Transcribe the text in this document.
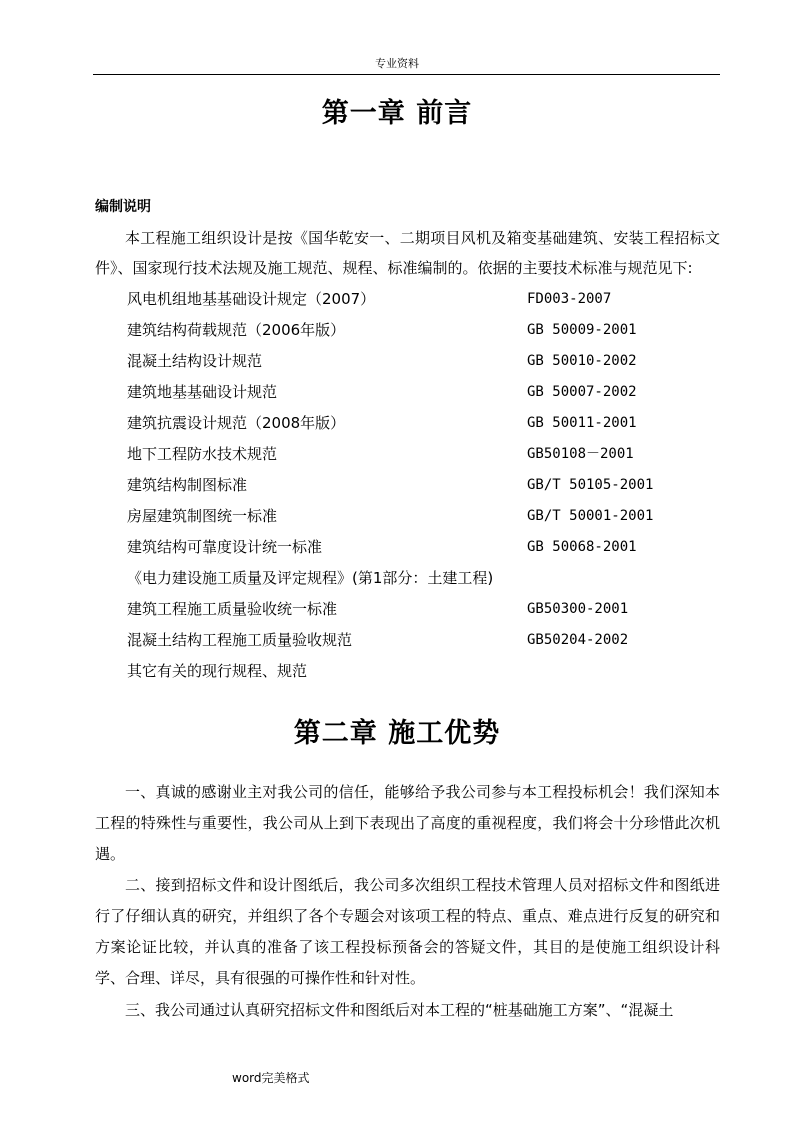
专业资料
第一章 前言
编制说明
本工程施工组织设计是按《国华乾安一、二期项目风机及箱变基础建筑、安装工程招标文件》、国家现行技术法规及施工规范、规程、标准编制的。依据的主要技术标准与规范见下:
风电机组地基基础设计规定（2007）	FD003-2007
建筑结构荷载规范（2006年版）	GB 50009-2001
混凝土结构设计规范	GB 50010-2002
建筑地基基础设计规范	GB 50007-2002
建筑抗震设计规范（2008年版）	GB 50011-2001
地下工程防水技术规范	GB50108－2001
建筑结构制图标准	GB/T 50105-2001
房屋建筑制图统一标准	GB/T 50001-2001
建筑结构可靠度设计统一标准	GB 50068-2001
《电力建设施工质量及评定规程》(第1部分：土建工程)
建筑工程施工质量验收统一标准	GB50300-2001
混凝土结构工程施工质量验收规范	GB50204-2002
其它有关的现行规程、规范
第二章 施工优势
一、真诚的感谢业主对我公司的信任，能够给予我公司参与本工程投标机会！我们深知本工程的特殊性与重要性，我公司从上到下表现出了高度的重视程度，我们将会十分珍惜此次机遇。
二、接到招标文件和设计图纸后，我公司多次组织工程技术管理人员对招标文件和图纸进行了仔细认真的研究，并组织了各个专题会对该项工程的特点、重点、难点进行反复的研究和方案论证比较，并认真的准备了该工程投标预备会的答疑文件，其目的是使施工组织设计科学、合理、详尽，具有很强的可操作性和针对性。
三、我公司通过认真研究招标文件和图纸后对本工程的“桩基础施工方案”、“混凝土
word完美格式
